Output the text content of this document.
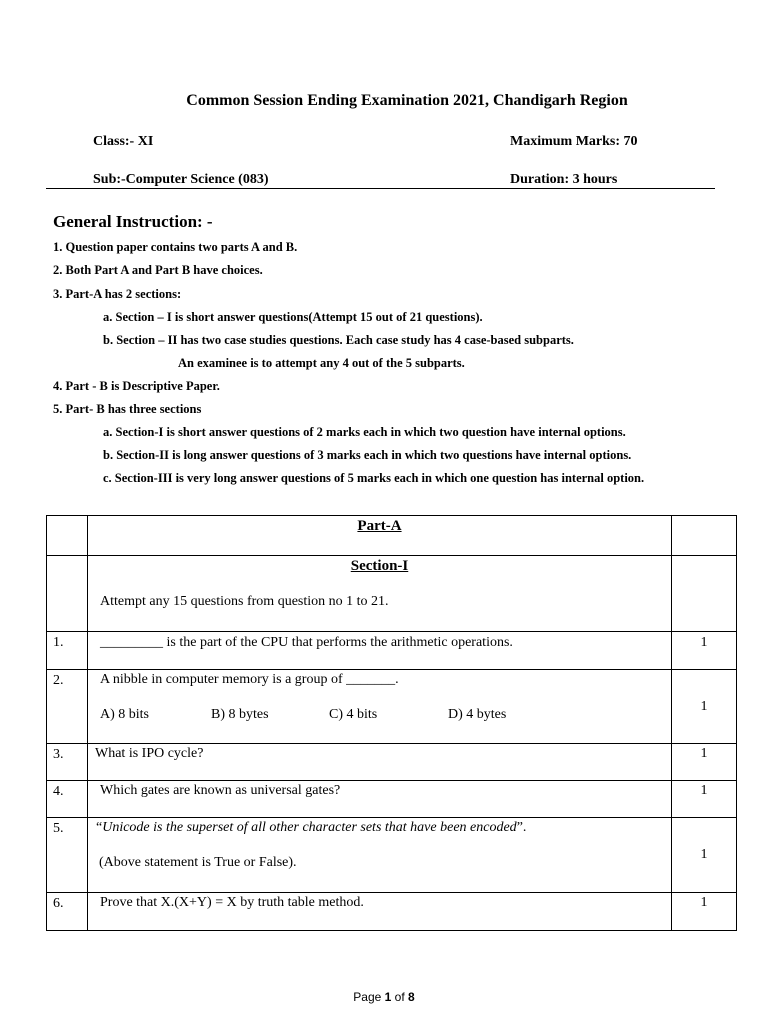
Common Session Ending Examination 2021, Chandigarh Region
Class:- XI	Maximum Marks: 70
Sub:-Computer Science (083)	Duration: 3 hours
General Instruction: -
1. Question paper contains two parts A and B.
2. Both Part A and Part B have choices.
3. Part-A has 2 sections:
a. Section – I is short answer questions(Attempt 15 out of 21 questions).
b. Section – II has two case studies questions. Each case study has 4 case-based subparts.
An examinee is to attempt any 4 out of the 5 subparts.
4. Part - B is Descriptive Paper.
5. Part- B has three sections
a. Section-I is short answer questions of 2 marks each in which two question have internal options.
b. Section-II is long answer questions of 3 marks each in which two questions have internal options.
c. Section-III is very long answer questions of 5 marks each in which one question has internal option.

	Part-A	

	Section-I
Attempt any 15 questions from question no 1 to 21.	

1.	_________ is the part of the CPU that performs the arithmetic operations.	1
2.	A nibble in computer memory is a group of _______.
A) 8 bits B) 8 bytes C) 4 bits D) 4 bytes	1
3.	What is IPO cycle?	1
4.	Which gates are known as universal gates?	1
5.	“Unicode is the superset of all other character sets that have been encoded”.
(Above statement is True or False).	1
6.	Prove that X.(X+Y) = X by truth table method.	1
Page 1 of 8
